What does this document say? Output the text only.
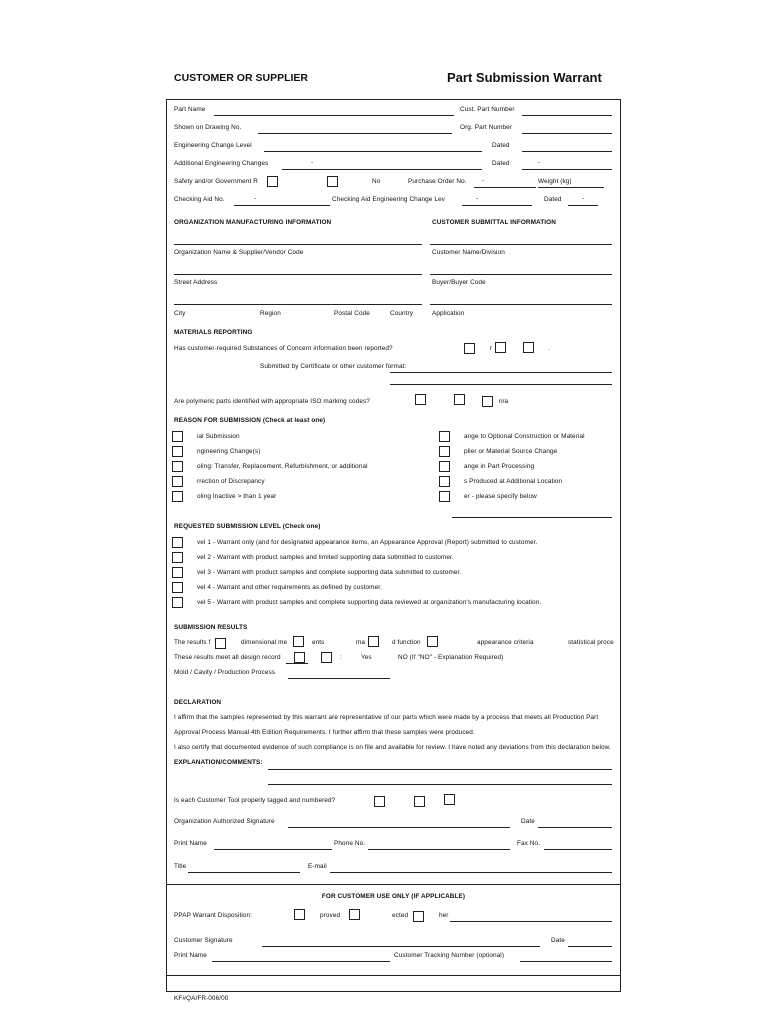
CUSTOMER OR SUPPLIER	Part Submission Warrant
Part Name	Cust. Part Number
Shown on Drawing No.	Org. Part Number
Engineering Change Level	Dated
Additional Engineering Changes	-	Dated	-
Safety and/or Government R	No	Purchase Order No. -	Weight (kg)
Checking Aid No.	-	Checking Aid Engineering Change Lev	-	Dated	-
ORGANIZATION MANUFACTURING INFORMATION	CUSTOMER SUBMITTAL INFORMATION
Organization Name & Supplier/Vendor Code	Customer Name/Division
Street Address	Buyer/Buyer Code
City	Region	Postal Code	Country	Application
MATERIALS REPORTING
Has customer-required Substances of Concern information been reported?	r	.
Submitted by Certificate or other customer format:
Are polymeric parts identified with appropriate ISO marking codes?	n/a
REASON FOR SUBMISSION (Check at least one)
ial Submission
ngineering Change(s)
oling: Transfer, Replacement, Refurbishment, or additional
rrection of Discrepancy
oling Inactive > than 1 year
ange to Optional Construction or Material
plier or Material Source Change
ange in Part Processing
s Produced at Additional Location
er - please specify below
REQUESTED SUBMISSION LEVEL (Check one)
vel 1 - Warrant only (and for designated appearance items, an Appearance Approval (Report) submitted to customer.
vel 2 - Warrant with product samples and limited supporting data submitted to customer.
vel 3 - Warrant with product samples and complete supporting data submitted to customer.
vel 4 - Warrant and other requirements as defined by customer.
vel 5 - Warrant with product samples and complete supporting data reviewed at organization's manufacturing location.
SUBMISSION RESULTS
The results f	dimensional me	ents	ma	d function	appearance criteria	statistical proce
These results meet all design record	:	Yes	NO (If "NO" - Explanation Required)
Mold / Cavity / Production Process
DECLARATION
I affirm that the samples represented by this warrant are representative of our parts which were made by a process that meets all Production Part
Approval Process Manual 4th Edition Requirements. I further affirm that these samples were produced.
I also certify that documented evidence of such compliance is on file and available for review. I have noted any deviations from this declaration below.
EXPLANATION/COMMENTS:
Is each Customer Tool properly tagged and numbered?
Organization Authorized Signature	Date
Print Name	Phone No.	Fax No.
Title	E-mail
FOR CUSTOMER USE ONLY (IF APPLICABLE)
PPAP Warrant Disposition:	proved	ected	her
Customer Signature	Date
Print Name	Customer Tracking Number (optional)
KF#QA/FR-006/00
